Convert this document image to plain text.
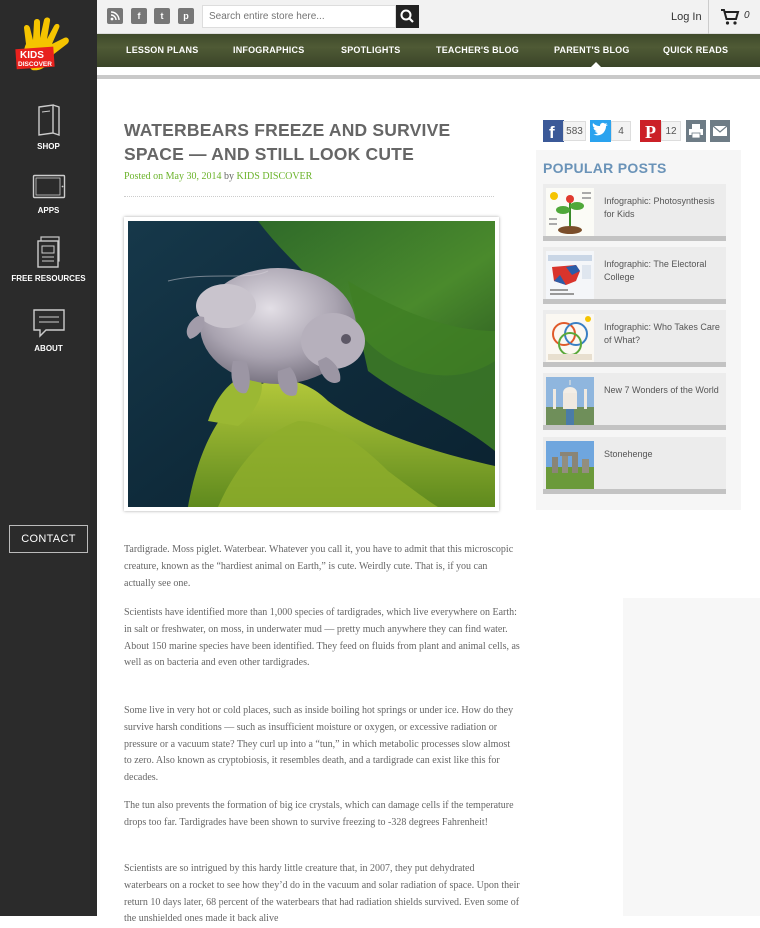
KIDS
DISCOVER
SHOP
APPS
FREE RESOURCES
ABOUT
CONTACT
f	t	p
Search entire store here...	Log In	0
LESSON PLANS	INFOGRAPHICS	SPOTLIGHTS	TEACHER'S BLOG	PARENT'S BLOG	QUICK READS
WATERBEARS FREEZE AND SURVIVE SPACE — AND STILL LOOK CUTE
Posted on May 30, 2014 by KIDS DISCOVER

Tardigrade. Moss piglet. Waterbear. Whatever you call it, you have to admit that this microscopic creature, known as the “hardiest animal on Earth,” is cute. Weirdly cute. That is, if you can actually see one.

Scientists have identified more than 1,000 species of tardigrades, which live everywhere on Earth: in salt or freshwater, on moss, in underwater mud — pretty much anywhere they can find water. About 150 marine species have been identified. They feed on fluids from plant and animal cells, as well as on bacteria and even other tardigrades.

Some live in very hot or cold places, such as inside boiling hot springs or under ice. How do they survive harsh conditions — such as insufficient moisture or oxygen, or excessive radiation or pressure or a vacuum state? They curl up into a “tun,” in which metabolic processes slow almost to zero. Also known as cryptobiosis, it resembles death, and a tardigrade can exist like this for decades.

The tun also prevents the formation of big ice crystals, which can damage cells if the temperature drops too far. Tardigrades have been shown to survive freezing to -328 degrees Fahrenheit!

Scientists are so intrigued by this hardy little creature that, in 2007, they put dehydrated waterbears on a rocket to see how they’d do in the vacuum and solar radiation of space. Upon their return 10 days later, 68 percent of the waterbears that had radiation shields survived. Even some of the unshielded ones made it back alive

f	583	4	P 12
POPULAR POSTS
Infographic: Photosynthesis for Kids
Infographic: The Electoral College
Infographic: Who Takes Care of What?
New 7 Wonders of the World
Stonehenge
